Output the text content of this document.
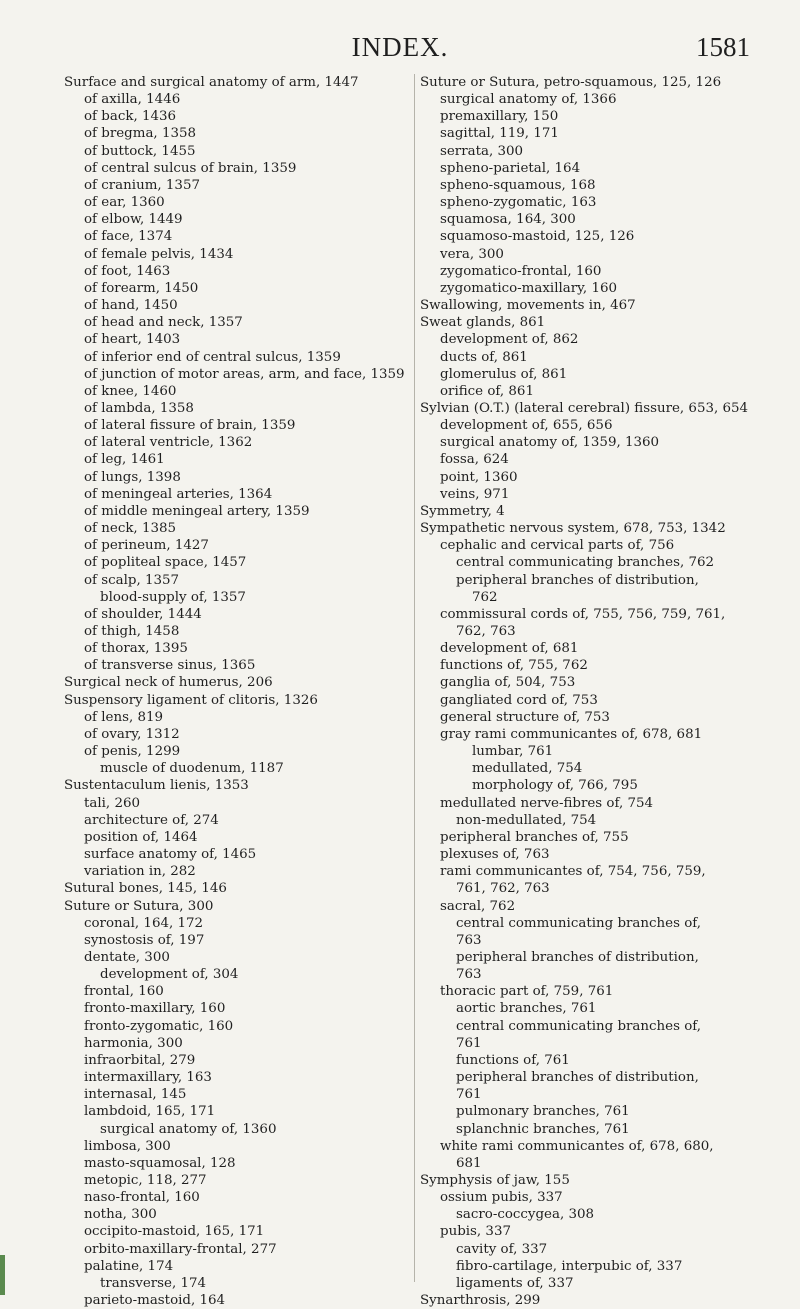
INDEX.	1581
Surface and surgical anatomy of arm, 1447
of axilla, 1446
of back, 1436
of bregma, 1358
of buttock, 1455
of central sulcus of brain, 1359
of cranium, 1357
of ear, 1360
of elbow, 1449
of face, 1374
of female pelvis, 1434
of foot, 1463
of forearm, 1450
of hand, 1450
of head and neck, 1357
of heart, 1403
of inferior end of central sulcus, 1359
of junction of motor areas, arm, and face, 1359
of knee, 1460
of lambda, 1358
of lateral fissure of brain, 1359
of lateral ventricle, 1362
of leg, 1461
of lungs, 1398
of meningeal arteries, 1364
of middle meningeal artery, 1359
of neck, 1385
of perineum, 1427
of popliteal space, 1457
of scalp, 1357
blood-supply of, 1357
of shoulder, 1444
of thigh, 1458
of thorax, 1395
of transverse sinus, 1365
Surgical neck of humerus, 206
Suspensory ligament of clitoris, 1326
of lens, 819
of ovary, 1312
of penis, 1299
muscle of duodenum, 1187
Sustentaculum lienis, 1353
tali, 260
architecture of, 274
position of, 1464
surface anatomy of, 1465
variation in, 282
Sutural bones, 145, 146
Suture or Sutura, 300
coronal, 164, 172
synostosis of, 197
dentate, 300
development of, 304
frontal, 160
fronto-maxillary, 160
fronto-zygomatic, 160
harmonia, 300
infraorbital, 279
intermaxillary, 163
internasal, 145
lambdoid, 165, 171
surgical anatomy of, 1360
limbosa, 300
masto-squamosal, 128
metopic, 118, 277
naso-frontal, 160
notha, 300
occipito-mastoid, 165, 171
orbito-maxillary-frontal, 277
palatine, 174
transverse, 174
parieto-mastoid, 164
Suture or Sutura, petro-squamous, 125, 126
surgical anatomy of, 1366
premaxillary, 150
sagittal, 119, 171
serrata, 300
spheno-parietal, 164
spheno-squamous, 168
spheno-zygomatic, 163
squamosa, 164, 300
squamoso-mastoid, 125, 126
vera, 300
zygomatico-frontal, 160
zygomatico-maxillary, 160
Swallowing, movements in, 467
Sweat glands, 861
development of, 862
ducts of, 861
glomerulus of, 861
orifice of, 861
Sylvian (O.T.) (lateral cerebral) fissure, 653, 654
development of, 655, 656
surgical anatomy of, 1359, 1360
fossa, 624
point, 1360
veins, 971
Symmetry, 4
Sympathetic nervous system, 678, 753, 1342
cephalic and cervical parts of, 756
central communicating branches, 762
peripheral branches of distribution,
762
commissural cords of, 755, 756, 759, 761,
762, 763
development of, 681
functions of, 755, 762
ganglia of, 504, 753
gangliated cord of, 753
general structure of, 753
gray rami communicantes of, 678, 681
lumbar, 761
medullated, 754
morphology of, 766, 795
medullated nerve-fibres of, 754
non-medullated, 754
peripheral branches of, 755
plexuses of, 763
rami communicantes of, 754, 756, 759,
761, 762, 763
sacral, 762
central communicating branches of,
763
peripheral branches of distribution,
763
thoracic part of, 759, 761
aortic branches, 761
central communicating branches of,
761
functions of, 761
peripheral branches of distribution,
761
pulmonary branches, 761
splanchnic branches, 761
white rami communicantes of, 678, 680,
681
Symphysis of jaw, 155
ossium pubis, 337
sacro-coccygea, 308
pubis, 337
cavity of, 337
fibro-cartilage, interpubic of, 337
ligaments of, 337
Synarthrosis, 299
